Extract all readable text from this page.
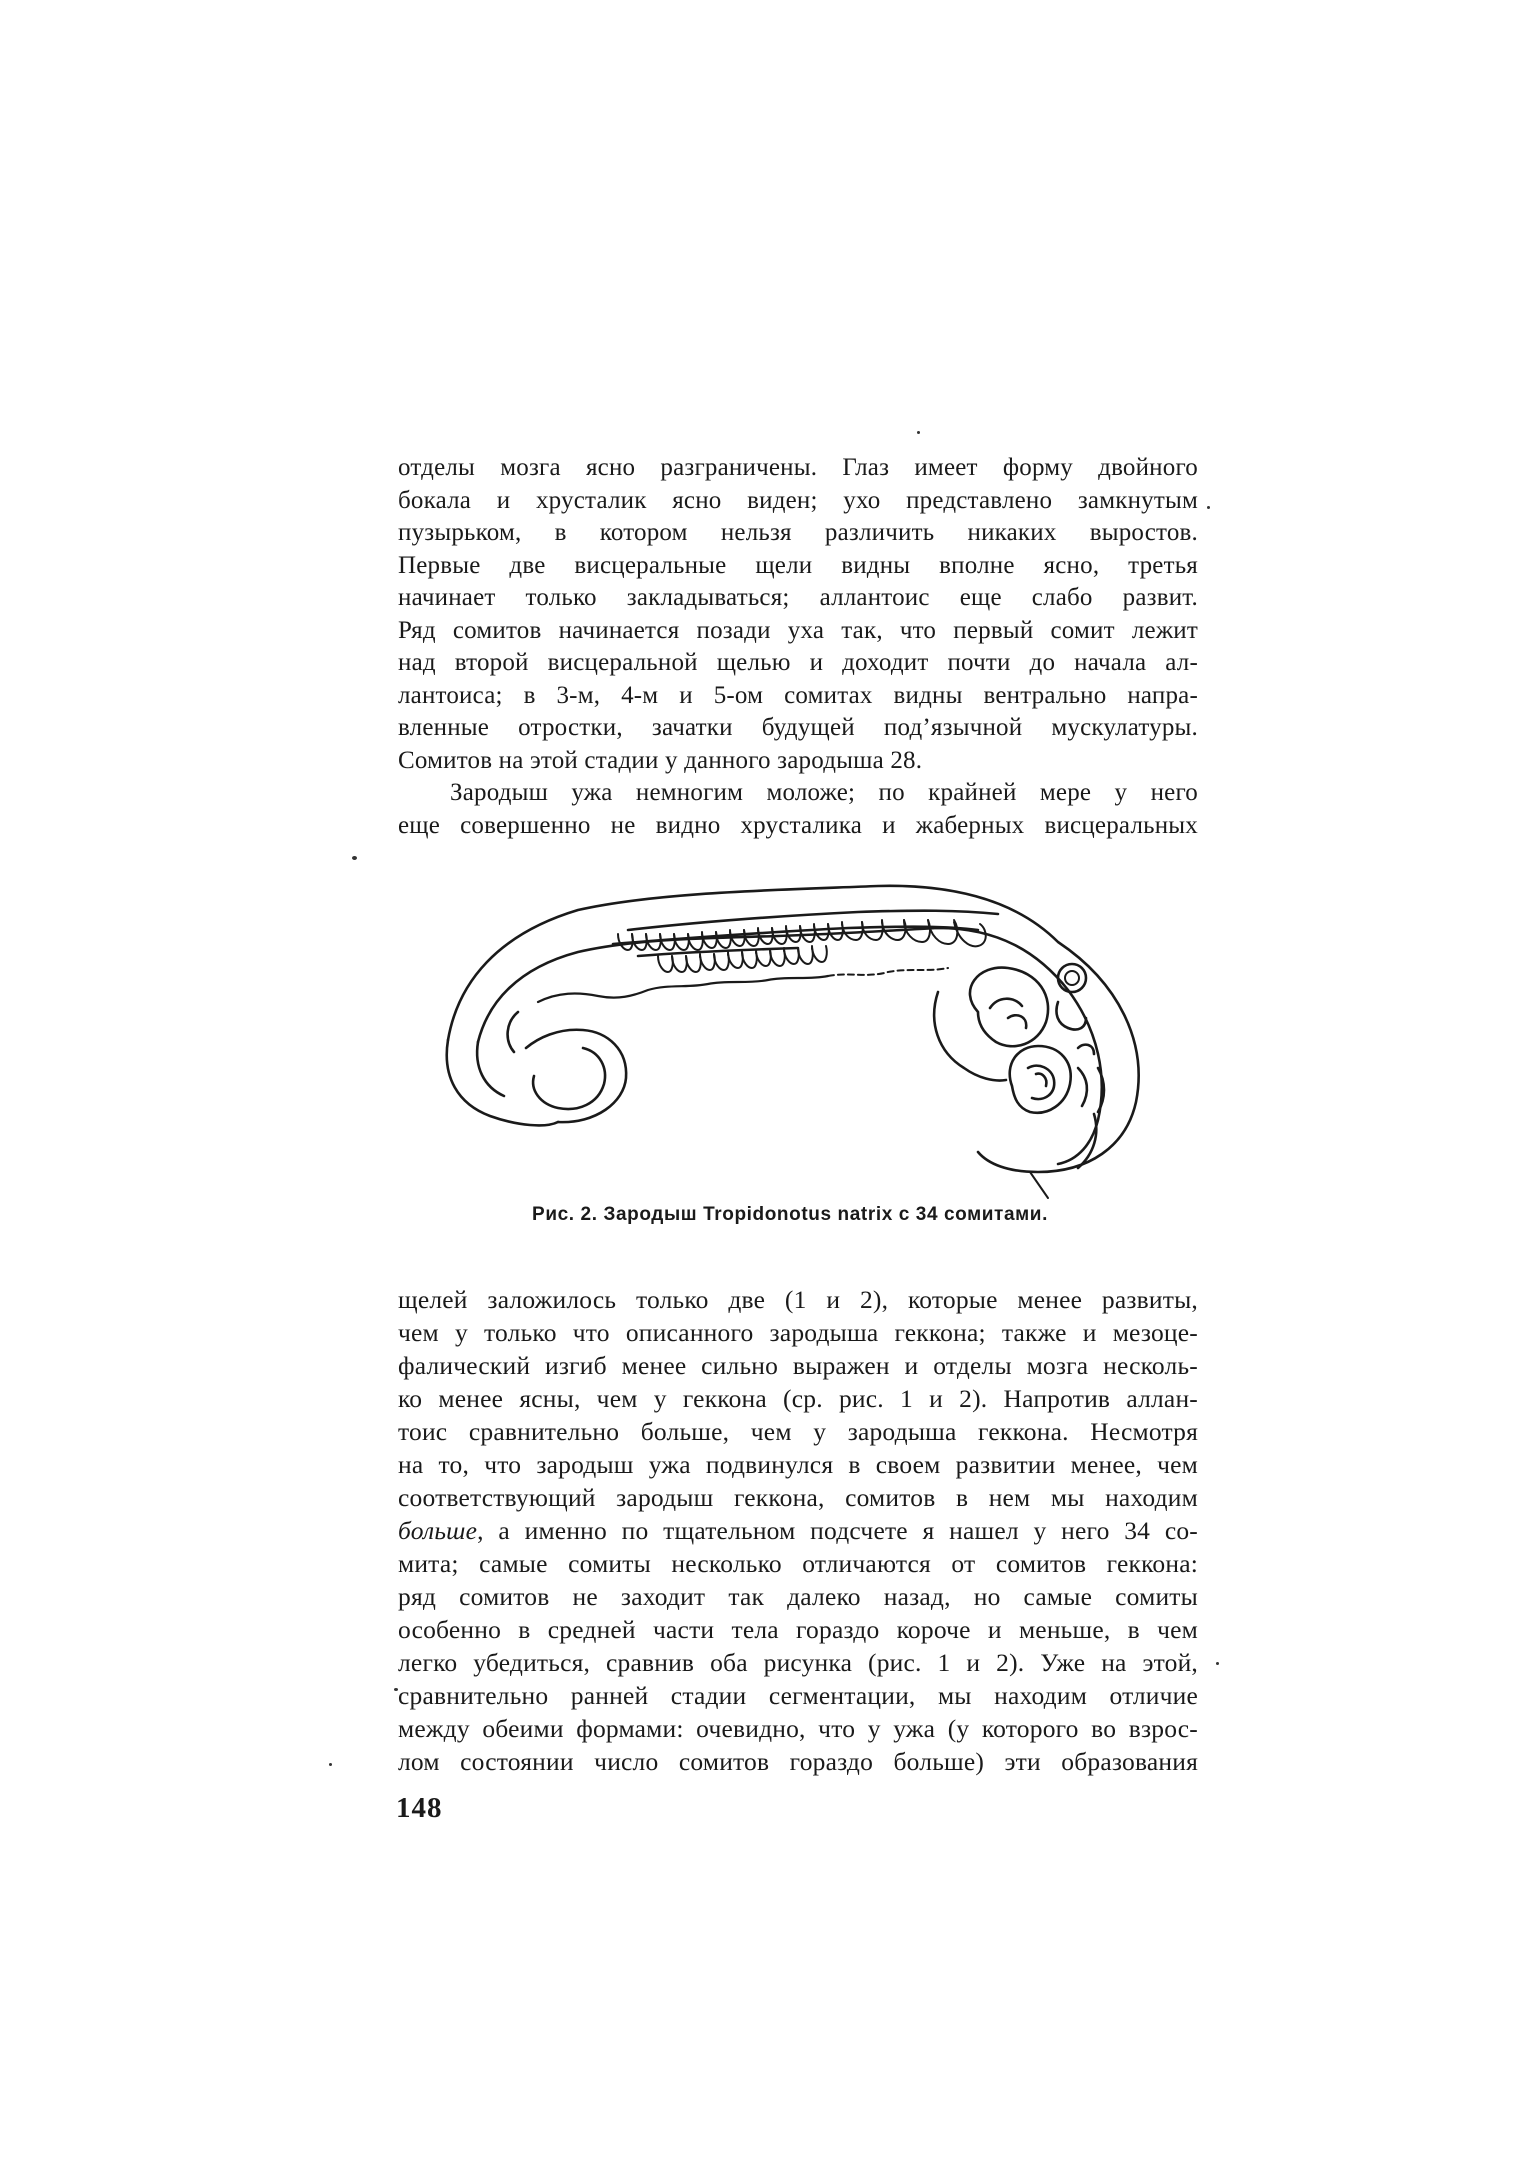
отделы мозга ясно разграничены. Глаз имеет форму двойного
бокала и хрусталик ясно виден; ухо представлено замкнутым
пузырьком, в котором нельзя различить никаких выростов.
Первые две висцеральные щели видны вполне ясно, третья
начинает только закладываться; аллантоис еще слабо развит.
Ряд сомитов начинается позади уха так, что первый сомит лежит
над второй висцеральной щелью и доходит почти до начала ал-
лантоиса; в 3-м, 4-м и 5-ом сомитах видны вентрально напра-
вленные отростки, зачатки будущей под’язычной мускулатуры.
Сомитов на этой стадии у данного зародыша 28.
Зародыш ужа немногим моложе; по крайней мере у него
еще совершенно не видно хрусталика и жаберных висцеральных
Рис. 2. Зародыш Tropidonotus natrix с 34 сомитами.
щелей заложилось только две (1 и 2), которые менее развиты,
чем у только что описанного зародыша геккона; также и мезоце-
фалический изгиб менее сильно выражен и отделы мозга несколь-
ко менее ясны, чем у геккона (ср. рис. 1 и 2). Напротив аллан-
тоис сравнительно больше, чем у зародыша геккона. Несмотря
на то, что зародыш ужа подвинулся в своем развитии менее, чем
соответствующий зародыш геккона, сомитов в нем мы находим
больше, а именно по тщательном подсчете я нашел у него 34 со-
мита; самые сомиты несколько отличаются от сомитов геккона:
ряд сомитов не заходит так далеко назад, но самые сомиты
особенно в средней части тела гораздо короче и меньше, в чем
легко убедиться, сравнив оба рисунка (рис. 1 и 2). Уже на этой,
сравнительно ранней стадии сегментации, мы находим отличие
между обеими формами: очевидно, что у ужа (у которого во взрос-
лом состоянии число сомитов гораздо больше) эти образования
148
